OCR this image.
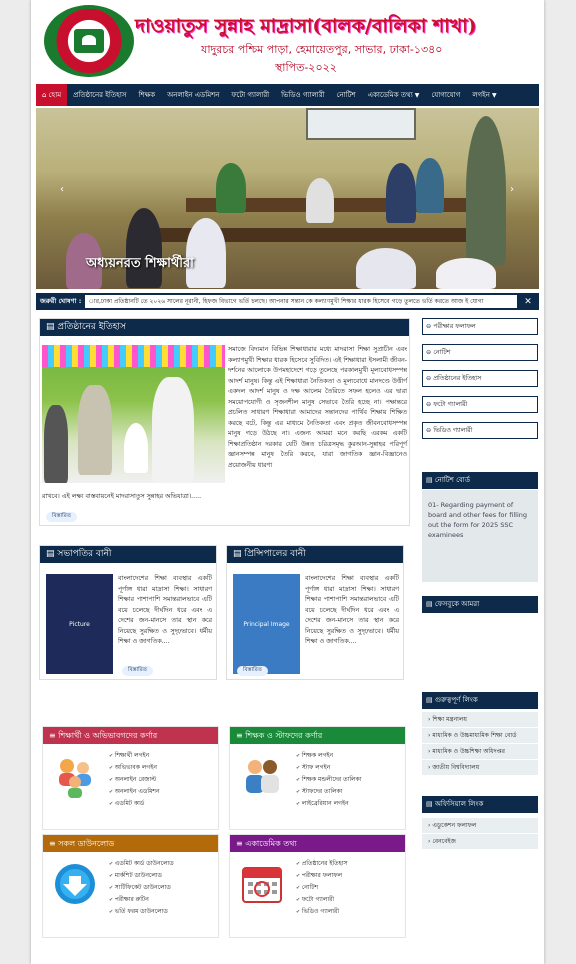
দাওয়াতুস সুন্নাহ মাদ্রাসা(বালক/বালিকা শাখা)
যাদুরচর পশ্চিম পাড়া, হেমায়েতপুর, সাভার, ঢাকা-১৩৪০
স্থাপিত-২০২২
⌂ হোম	প্রতিষ্ঠানের ইতিহাস	শিক্ষক	অনলাইন এডমিশন	ফটো গ্যালারী	ভিডিও গ্যালারী	নোটিশ	একাডেমিক তথ্য ▼	যোগাযোগ	লগইন ▼
‹	›
অধ্যয়নরত শিক্ষার্থীরা
জরুরী ঘোষণা :	ার,ঢাকা প্রতিষ্ঠানটি তে ২০২৬ সালের নূরানী, হিফজ বিভাগে ভর্তি চলছে। আপনার সন্তান কে কল্যাণমুখী শিক্ষার ধারক হিসেবে গড়ে তুলতে ভর্তি করতে আজ ই যোগা	✕
▤ প্রতিষ্ঠানের ইতিহাস
সমাজে বিদ্যমান বিভিন্ন শিক্ষাধারার মধ্যে মাদরাসা শিক্ষা সুপ্রাচীন এবং কল্যাণমুখী শিক্ষার ধারক হিসেবে সুবিদিত। এই শিক্ষাধারা ইসলামী জীবন-দর্শনের আলোকে উপমহাদেশে গড়ে তুলেছে পরকালমুখী মূল্যবোধসম্পন্ন আদর্শ মানুষ। কিন্তু এই শিক্ষাধারা নৈতিকতা ও মূল্যবোধে মানদণ্ডে উত্তীর্ণ একদল আদর্শ মানুষ ও দক্ষ আলেম তৈরিতে সফল হলেও এর দ্বারা সময়োপযোগী ও সৃজনশীল মানুষ সেভাবে তৈরি হচ্ছে না। পক্ষান্তরে প্রচলিত সাধারণ শিক্ষাধারা আমাদের সন্তানদের পার্থিব শিক্ষায় শিক্ষিত করছে বটে, কিন্তু এর মাধ্যমে নৈতিকতা এবং প্রকৃত জীবনবোধসম্পন্ন মানুষ গড়ে উঠছে না। এজন্য আমরা মনে করছি এরকম একটি শিক্ষাপ্রতিষ্ঠান দরকার যেটি উন্নত চরিত্রসমৃদ্ধ কুরআন-সুন্নাহর পরিপূর্ণ জ্ঞানসম্পন্ন মানুষ তৈরি করবে, যারা জাগতিক জ্ঞান-বিজ্ঞানেও প্রয়োজনীয় ধারণা
রাখবে। এই লক্ষ্য বাস্তবায়নেই মাদরাসাতুস সুন্নাহর অভিযাত্রা।.....
বিস্তারিত
▤ সভাপতির বানী
Picture
বাংলাদেশের শিক্ষা ব্যবস্থার একটি পূর্ণাঙ্গ ধারা মাদ্রাসা শিক্ষা। সাধারণ শিক্ষার পাশাপাশি সমান্তরালভাবে এটি বয়ে চলেছে দীর্ঘদিন ধরে এবং এ দেশের জন-মানসে তার স্থান করে নিয়েছে সুরক্ষিত ও সুদৃঢ়ভাবে। ধর্মীয় শিক্ষা ও জাগতিক....
বিস্তারিত
▤ প্রিন্সিপালের বানী
Principal Image
বাংলাদেশের শিক্ষা ব্যবস্থার একটি পূর্ণাঙ্গ ধারা মাদ্রাসা শিক্ষা। সাধারণ শিক্ষার পাশাপাশি সমান্তরালভাবে এটি বয়ে চলেছে দীর্ঘদিন ধরে এবং এ দেশের জন-মানসে তার স্থান করে নিয়েছে সুরক্ষিত ও সুদৃঢ়ভাবে। ধর্মীয় শিক্ষা ও জাগতিক....
বিস্তারিত
≡ শিক্ষার্থী ও অভিভাবগদের কর্ণার
✔ শিক্ষার্থী লগইন
✔ অভিভাবক লগইন
✔ অনলাইন রেজাল্ট
✔ অনলাইন এডমিশন
✔ এডমিট কার্ড
≡ শিক্ষক ও স্টাফদের কর্ণার
✔ শিক্ষক লগইন
✔ স্টাফ লগইন
✔ শিক্ষক মন্ডলীদের তালিকা
✔ স্টাফদের তালিকা
✔ লাইব্রেরিয়ান লগইন
≡ সকল ডাউনলোড
✔ এডমিট কার্ড ডাউনলোড
✔ মার্কশিট ডাউনলোড
✔ সার্টিফিকেট ডাউনলোড
✔ পরীক্ষার রুটিন
✔ ভর্তি ফরম ডাউনলোড
≡ একাডেমিক তথ্য
✔ প্রতিষ্ঠানের ইতিহাস
✔ পরীক্ষার ফলাফল
✔ নোটিশ
✔ ফটো গ্যালারী
✔ ভিডিও গ্যালারী
⊖ পরীক্ষার ফলাফল
⊖ নোটিশ
⊖ প্রতিষ্ঠানের ইতিহাস
⊖ ফটো গ্যালারী
⊖ ভিডিও গ্যালারী
▤ নোটিশ বোর্ড
01- Regarding payment of board and other fees for filling out the form for 2025 SSC examinees
▤ ফেসবুকে আমরা
▤ গুরুত্বপূর্ণ লিংক
› শিক্ষা মন্ত্রনালয়
› মাধ্যমিক ও উচ্চমাধ্যমিক শিক্ষা বোর্ড
› মাধ্যমিক ও উচ্চশিক্ষা অধিদপ্তর
› জাতীয় বিশ্ববিদ্যালয়
▤ অফিসিয়াল লিংক
› এডুকেশন ফলাফল
› বেনবেইজ
